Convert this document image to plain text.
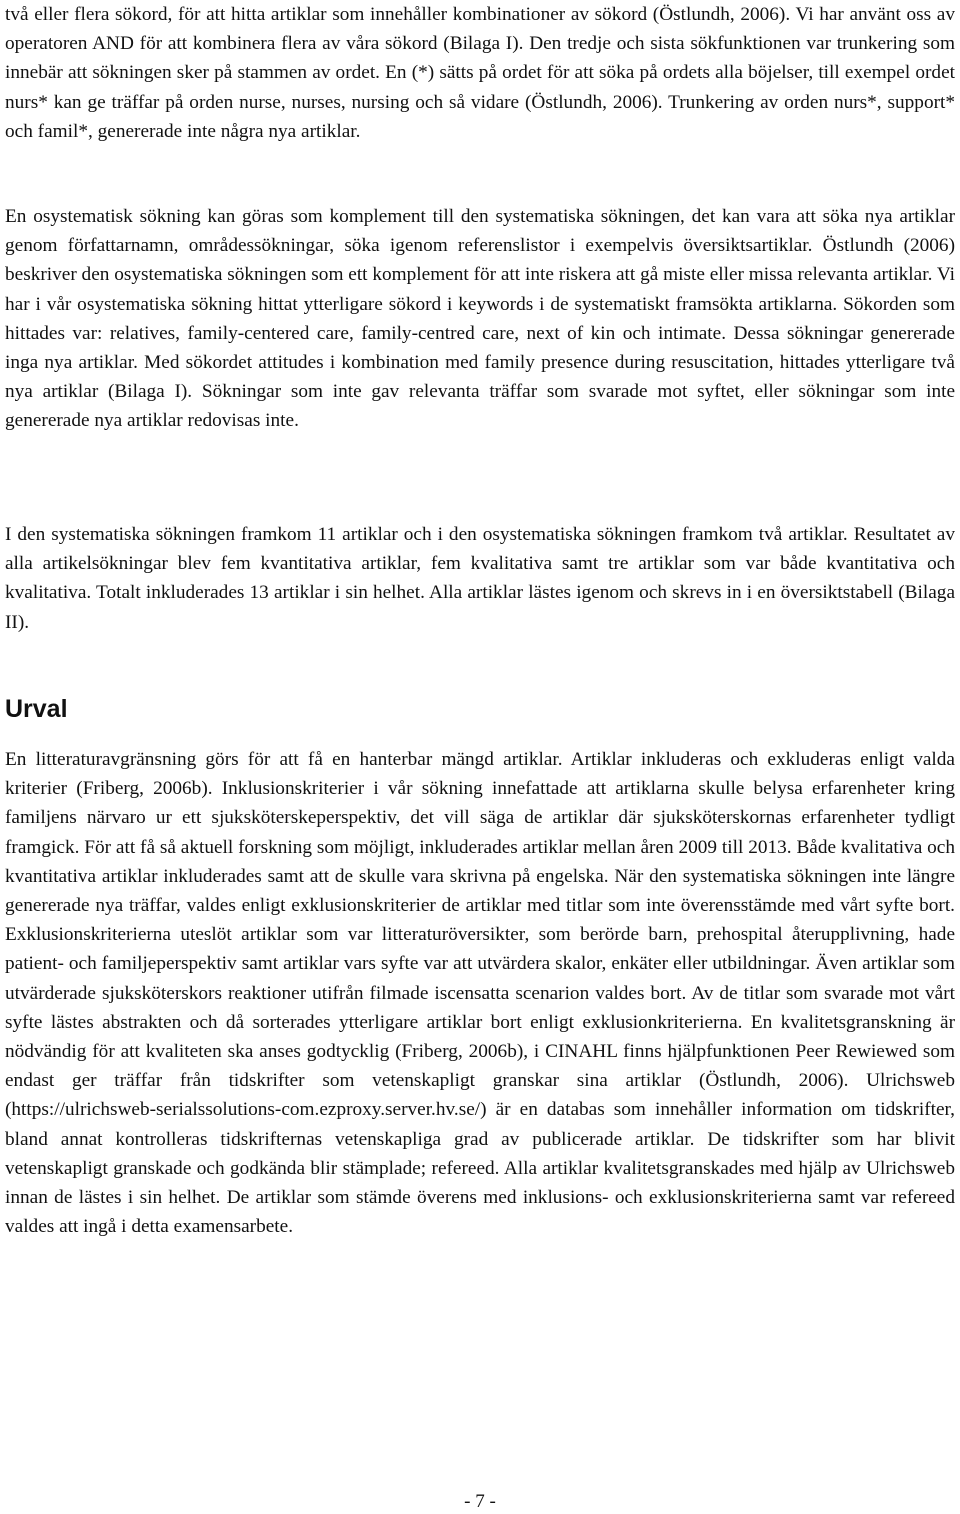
två eller flera sökord, för att hitta artiklar som innehåller kombinationer av sökord (Östlundh, 2006). Vi har använt oss av operatoren AND för att kombinera flera av våra sökord (Bilaga I). Den tredje och sista sökfunktionen var trunkering som innebär att sökningen sker på stammen av ordet. En (*) sätts på ordet för att söka på ordets alla böjelser, till exempel ordet nurs* kan ge träffar på orden nurse, nurses, nursing och så vidare (Östlundh, 2006). Trunkering av orden nurs*, support* och famil*, genererade inte några nya artiklar.

En osystematisk sökning kan göras som komplement till den systematiska sökningen, det kan vara att söka nya artiklar genom författarnamn, områdessökningar, söka igenom referenslistor i exempelvis översiktsartiklar. Östlundh (2006) beskriver den osystematiska sökningen som ett komplement för att inte riskera att gå miste eller missa relevanta artiklar. Vi har i vår osystematiska sökning hittat ytterligare sökord i keywords i de systematiskt framsökta artiklarna. Sökorden som hittades var: relatives, family-centered care, family-centred care, next of kin och intimate. Dessa sökningar genererade inga nya artiklar. Med sökordet attitudes i kombination med family presence during resuscitation, hittades ytterligare två nya artiklar (Bilaga I). Sökningar som inte gav relevanta träffar som svarade mot syftet, eller sökningar som inte genererade nya artiklar redovisas inte.

I den systematiska sökningen framkom 11 artiklar och i den osystematiska sökningen framkom två artiklar. Resultatet av alla artikelsökningar blev fem kvantitativa artiklar, fem kvalitativa samt tre artiklar som var både kvantitativa och kvalitativa. Totalt inkluderades 13 artiklar i sin helhet. Alla artiklar lästes igenom och skrevs in i en översiktstabell (Bilaga II).

Urval

En litteraturavgränsning görs för att få en hanterbar mängd artiklar. Artiklar inkluderas och exkluderas enligt valda kriterier (Friberg, 2006b). Inklusionskriterier i vår sökning innefattade att artiklarna skulle belysa erfarenheter kring familjens närvaro ur ett sjuksköterskeperspektiv, det vill säga de artiklar där sjuksköterskornas erfarenheter tydligt framgick. För att få så aktuell forskning som möjligt, inkluderades artiklar mellan åren 2009 till 2013. Både kvalitativa och kvantitativa artiklar inkluderades samt att de skulle vara skrivna på engelska. När den systematiska sökningen inte längre genererade nya träffar, valdes enligt exklusionskriterier de artiklar med titlar som inte överensstämde med vårt syfte bort. Exklusionskriterierna uteslöt artiklar som var litteraturöversikter, som berörde barn, prehospital återupplivning, hade patient- och familjeperspektiv samt artiklar vars syfte var att utvärdera skalor, enkäter eller utbildningar. Även artiklar som utvärderade sjuksköterskors reaktioner utifrån filmade iscensatta scenarion valdes bort. Av de titlar som svarade mot vårt syfte lästes abstrakten och då sorterades ytterligare artiklar bort enligt exklusionkriterierna. En kvalitetsgranskning är nödvändig för att kvaliteten ska anses godtycklig (Friberg, 2006b), i CINAHL finns hjälpfunktionen Peer Rewiewed som endast ger träffar från tidskrifter som vetenskapligt granskar sina artiklar (Östlundh, 2006). Ulrichsweb (https://ulrichsweb-serialssolutions-com.ezproxy.server.hv.se/) är en databas som innehåller information om tidskrifter, bland annat kontrolleras tidskrifternas vetenskapliga grad av publicerade artiklar. De tidskrifter som har blivit vetenskapligt granskade och godkända blir stämplade; refereed. Alla artiklar kvalitetsgranskades med hjälp av Ulrichsweb innan de lästes i sin helhet. De artiklar som stämde överens med inklusions- och exklusionskriterierna samt var refereed valdes att ingå i detta examensarbete.

- 7 -
